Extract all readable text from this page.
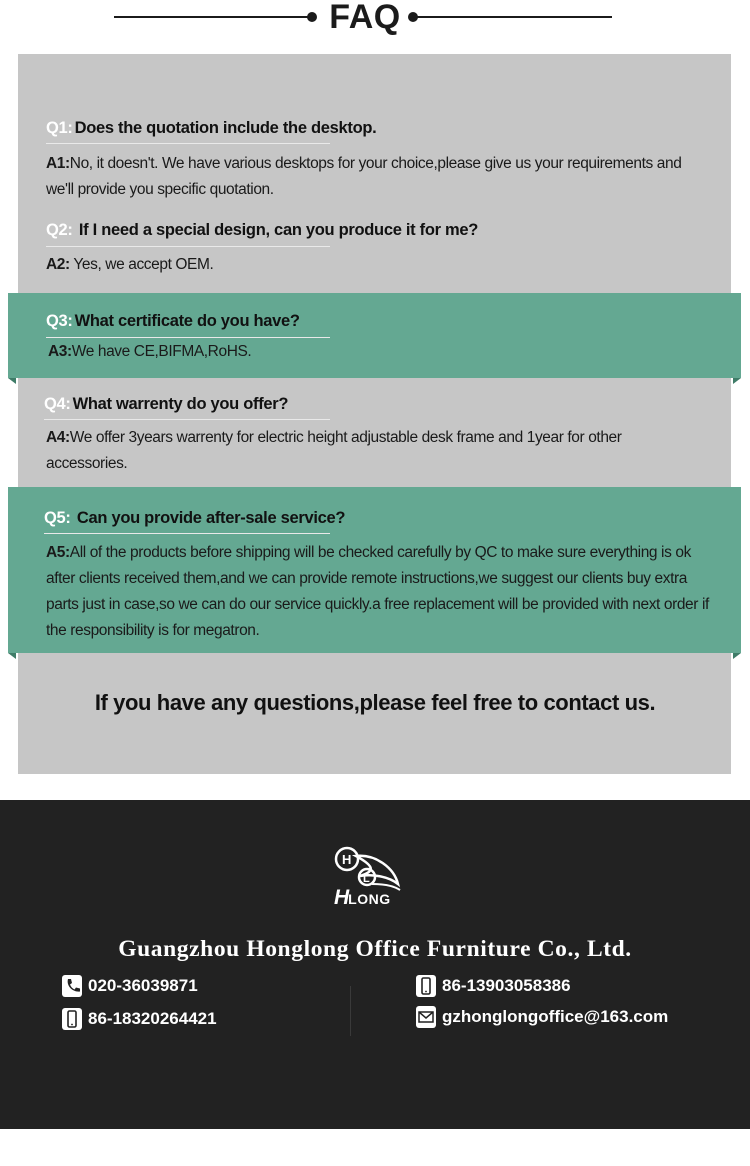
FAQ
Q1: Does the quotation include the desktop.
A1:No, it doesn't. We have various desktops for your choice,please give us your requirements and we'll provide you specific quotation.
Q2: If I need a special design, can you produce it for me?
A2: Yes, we accept OEM.
Q3: What certificate do you have?
A3:We have CE,BIFMA,RoHS.
Q4: What warrenty do you offer?
A4:We offer 3years warrenty for electric height adjustable desk frame and 1year for other accessories.
Q5: Can you provide after-sale service?
A5:All of the products before shipping will be checked carefully by QC to make sure everything is ok after clients received them,and we can provide remote instructions,we suggest our clients buy extra parts just in case,so we can do our service quickly.a free replacement will be provided with next order if the responsibility is for megatron.
If you have any questions,please feel free to contact us.
H
L
HLONG
Guangzhou Honglong Office Furniture Co., Ltd.
020-36039871
86-18320264421
86-13903058386
gzhonglongoffice@163.com
